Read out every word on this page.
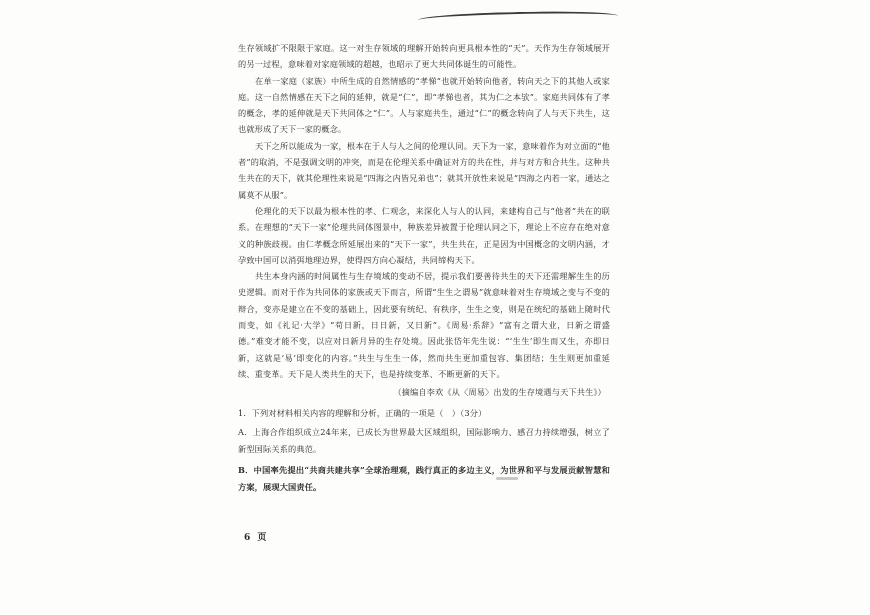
生存领域扩不限限于家庭。这一对生存领域的理解开始转向更具根本性的“天”。天作为生存领域展开的另一过程，意味着对家庭领域的超越，也昭示了更大共同体诞生的可能性。

在单一家庭（家族）中所生成的自然情感的“孝悌”也就开始转向他者，转向天之下的其他人或家庭。这一自然情感在天下之间的延伸，就是“仁”，即“孝悌也者，其为仁之本欤”。家庭共同体有了孝的概念，孝的延伸就是天下共同体之“仁”。人与家庭共生，通过“仁”的概念转向了人与天下共生，这也就形成了天下一家的概念。

天下之所以能成为一家，根本在于人与人之间的伦理认同。天下为一家，意味着作为对立面的“他者”的取消，不是强调文明的冲突，而是在伦理关系中确证对方的共在性，并与对方和合共生。这种共生共在的天下，就其伦理性来说是“四海之内皆兄弟也”；就其开放性来说是“四海之内若一家，通达之属莫不从服”。

伦理化的天下以最为根本性的孝、仁观念，来深化人与人的认同，来建构自己与“他者”共在的联系。在理想的“天下一家”伦理共同体图景中，种族差异被置于伦理认同之下，理论上不应存在绝对意义的种族歧视。由仁孝概念所延展出来的“天下一家”，共生共在，正是因为中国概念的文明内涵，才孕致中国可以消弭地理边界，使得四方向心凝结，共同缔构天下。

共生本身内涵的时间属性与生存境域的变动不居，提示我们要善待共生的天下还需理解生生的历史逻辑。而对于作为共同体的家族或天下而言，所谓“生生之谓易”就意味着对生存境域之变与不变的辩合，变亦是建立在不变的基础上，因此要有统纪、有秩序，生生之变，则是在统纪的基础上随时代而变，如《礼记·大学》“苟日新，日日新，又日新”。《周易·系辞》“富有之谓大业，日新之谓盛德。”难变才能不变，以应对日新月异的生存处境。因此张岱年先生说：“‘生生’即生而又生，亦即日新，这就是‘易’即变化的内容。”共生与生生一体，然而共生更加重包容、集团结；生生则更加重延续、重变革。天下是人类共生的天下，也是持续变革、不断更新的天下。

（摘编自李欢《从〈周易〉出发的生存境遇与天下共生》）

1．下列对材料相关内容的理解和分析，正确的一项是（　）（3分）

A．上海合作组织成立24年来，已成长为世界最大区域组织，国际影响力、感召力持续增强，树立了新型国际关系的典范。

B．中国率先提出“共商共建共享”全球治理观，践行真正的多边主义，为世界和平与发展贡献智慧和方案，展现大国责任。

6 页
